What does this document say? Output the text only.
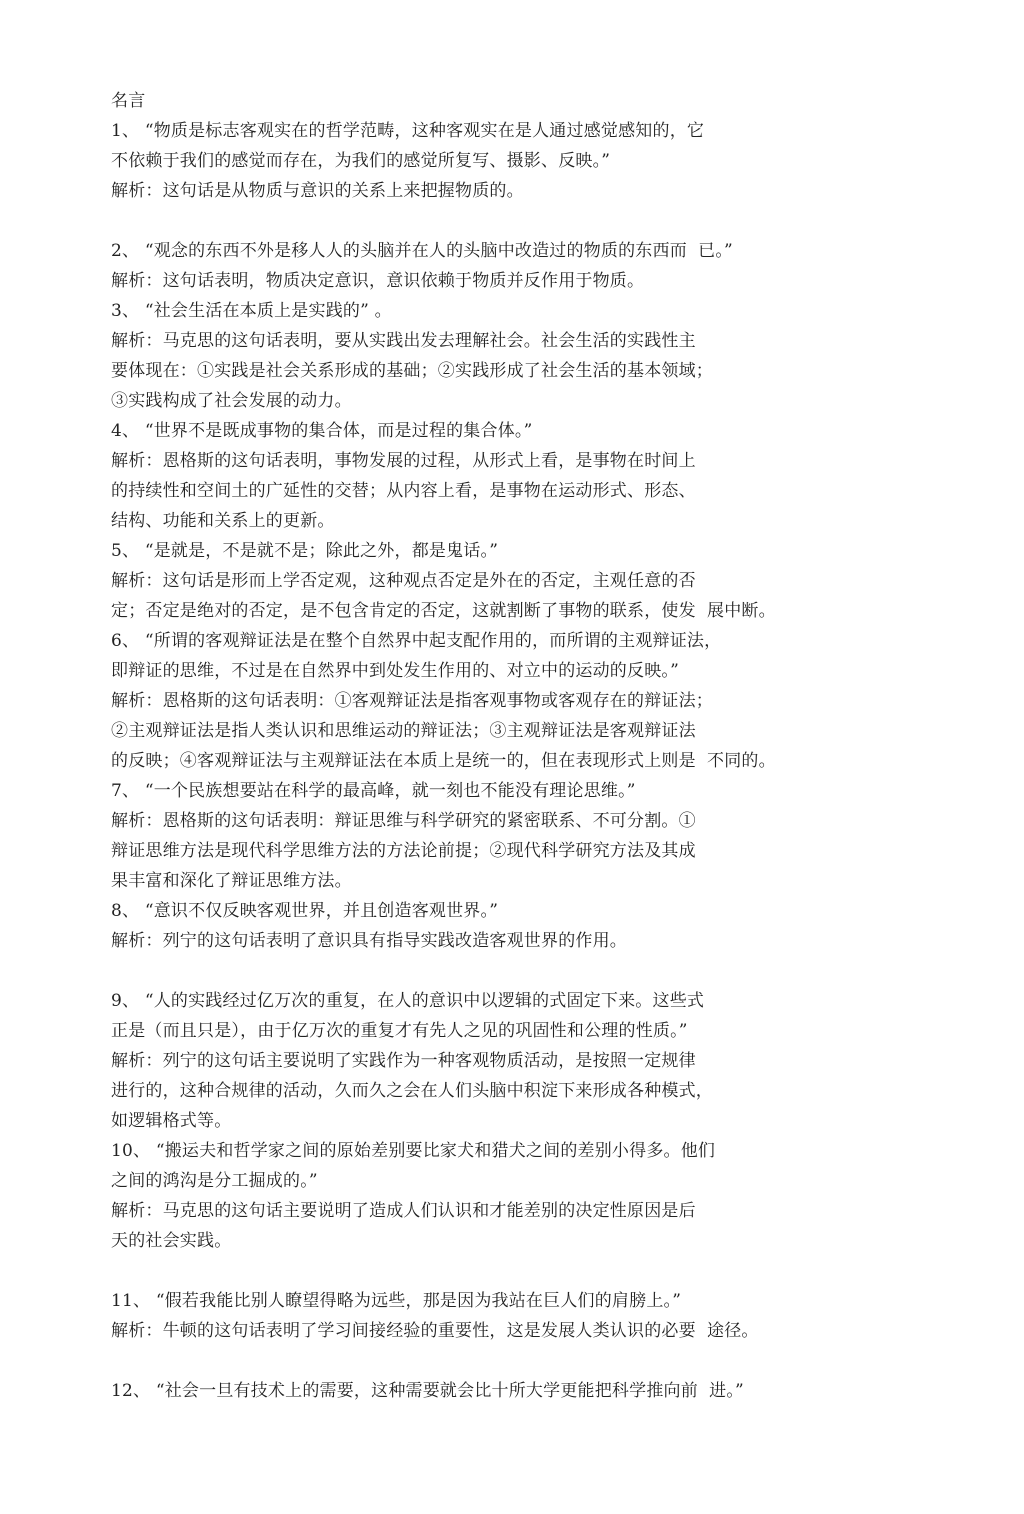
名言
1、 “物质是标志客观实在的哲学范畴，这种客观实在是人通过感觉感知的，它
不依赖于我们的感觉而存在，为我们的感觉所复写、摄影、反映。”
解析：这句话是从物质与意识的关系上来把握物质的。
2、 “观念的东西不外是移人人的头脑并在人的头脑中改造过的物质的东西而  已。”
解析：这句话表明，物质决定意识，意识依赖于物质并反作用于物质。
3、 “社会生活在本质上是实践的” 。
解析：马克思的这句话表明，要从实践出发去理解社会。社会生活的实践性主
要体现在：①实践是社会关系形成的基础；②实践形成了社会生活的基本领域；
③实践构成了社会发展的动力。
4、 “世界不是既成事物的集合体，而是过程的集合体。”
解析：恩格斯的这句话表明，事物发展的过程，从形式上看，是事物在时间上
的持续性和空间土的广延性的交替；从内容上看，是事物在运动形式、形态、
结构、功能和关系上的更新。
5、 “是就是，不是就不是；除此之外，都是鬼话。”
解析：这句话是形而上学否定观，这种观点否定是外在的否定，主观任意的否
定；否定是绝对的否定，是不包含肯定的否定，这就割断了事物的联系，使发  展中断。
6、 “所谓的客观辩证法是在整个自然界中起支配作用的，而所谓的主观辩证法，
即辩证的思维，不过是在自然界中到处发生作用的、对立中的运动的反映。”
解析：恩格斯的这句话表明：①客观辩证法是指客观事物或客观存在的辩证法；
②主观辩证法是指人类认识和思维运动的辩证法；③主观辩证法是客观辩证法
的反映；④客观辩证法与主观辩证法在本质上是统一的，但在表现形式上则是  不同的。
7、 “一个民族想要站在科学的最高峰，就一刻也不能没有理论思维。”
解析：恩格斯的这句话表明：辩证思维与科学研究的紧密联系、不可分割。①
辩证思维方法是现代科学思维方法的方法论前提；②现代科学研究方法及其成
果丰富和深化了辩证思维方法。
8、 “意识不仅反映客观世界，并且创造客观世界。”
解析：列宁的这句话表明了意识具有指导实践改造客观世界的作用。
9、 “人的实践经过亿万次的重复，在人的意识中以逻辑的式固定下来。这些式
正是（而且只是），由于亿万次的重复才有先人之见的巩固性和公理的性质。”
解析：列宁的这句话主要说明了实践作为一种客观物质活动，是按照一定规律
进行的，这种合规律的活动，久而久之会在人们头脑中积淀下来形成各种模式，
如逻辑格式等。
10、 “搬运夫和哲学家之间的原始差别要比家犬和猎犬之间的差别小得多。他们
之间的鸿沟是分工掘成的。”
解析：马克思的这句话主要说明了造成人们认识和才能差别的决定性原因是后
天的社会实践。
11、 “假若我能比别人瞭望得略为远些，那是因为我站在巨人们的肩膀上。”
解析：牛顿的这句话表明了学习间接经验的重要性，这是发展人类认识的必要  途径。
12、 “社会一旦有技术上的需要，这种需要就会比十所大学更能把科学推向前  进。”
